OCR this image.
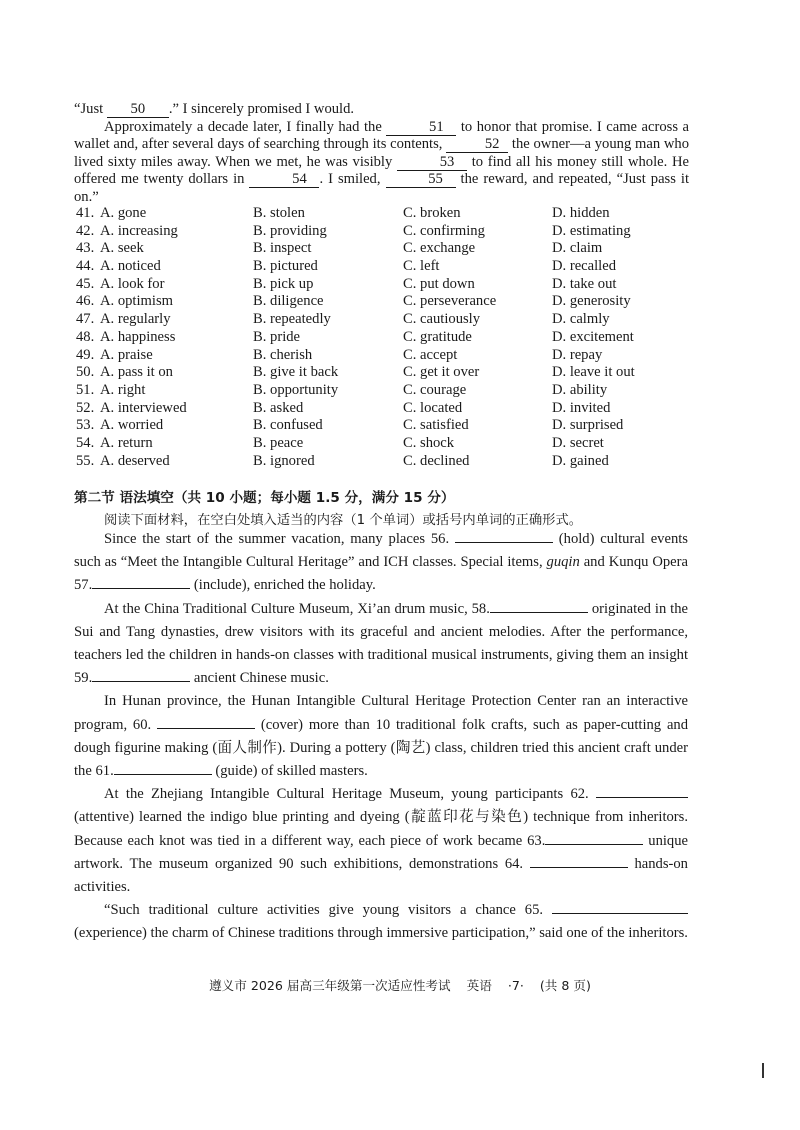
“Just 50 .” I sincerely promised I would.

Approximately a decade later, I finally had the	51 to honor that promise. I came across a wallet and, after several days of searching through its contents,	52 the owner—a young man who lived sixty miles away. When we met, he was visibly	53 to find all his money still whole. He offered me twenty dollars in	54 . I smiled,	55 the reward, and repeated, “Just pass it on.”

41. A. gone	B. stolen	C. broken	D. hidden
42. A. increasing	B. providing	C. confirming	D. estimating
43. A. seek	B. inspect	C. exchange	D. claim
44. A. noticed	B. pictured	C. left	D. recalled
45. A. look for	B. pick up	C. put down	D. take out
46. A. optimism	B. diligence	C. perseverance	D. generosity
47. A. regularly	B. repeatedly	C. cautiously	D. calmly
48. A. happiness	B. pride	C. gratitude	D. excitement
49. A. praise	B. cherish	C. accept	D. repay
50. A. pass it on	B. give it back	C. get it over	D. leave it out
51. A. right	B. opportunity	C. courage	D. ability
52. A. interviewed	B. asked	C. located	D. invited
53. A. worried	B. confused	C. satisfied	D. surprised
54. A. return	B. peace	C. shock	D. secret
55. A. deserved	B. ignored	C. declined	D. gained
第二节 语法填空（共 10 小题；每小题 1.5 分，满分 15 分）
阅读下面材料，在空白处填入适当的内容（1 个单词）或括号内单词的正确形式。

Since the start of the summer vacation, many places 56.	(hold) cultural events such as “Meet the Intangible Cultural Heritage” and ICH classes. Special items, guqin and Kunqu Opera 57.	(include), enriched the holiday.

At the China Traditional Culture Museum, Xi’an drum music, 58.	originated in the Sui and Tang dynasties, drew visitors with its graceful and ancient melodies. After the performance, teachers led the children in hands-on classes with traditional musical instruments, giving them an insight 59.	ancient Chinese music.

In Hunan province, the Hunan Intangible Cultural Heritage Protection Center ran an interactive program, 60.	(cover) more than 10 traditional folk crafts, such as paper-cutting and dough figurine making (面人制作). During a pottery (陶艺) class, children tried this ancient craft under the 61.	(guide) of skilled masters.

At the Zhejiang Intangible Cultural Heritage Museum, young participants 62.  (attentive) learned the indigo blue printing and dyeing (靛蓝印花与染色) technique from inheritors. Because each knot was tied in a different way, each piece of work became 63.	unique artwork. The museum organized 90 such exhibitions, demonstrations 64.	hands-on activities.

“Such traditional culture activities give young visitors a chance 65.  (experience) the charm of Chinese traditions through immersive participation,” said one of the inheritors.

遵义市 2026 届高三年级第一次适应性考试 英语 ·7· (共 8 页)
